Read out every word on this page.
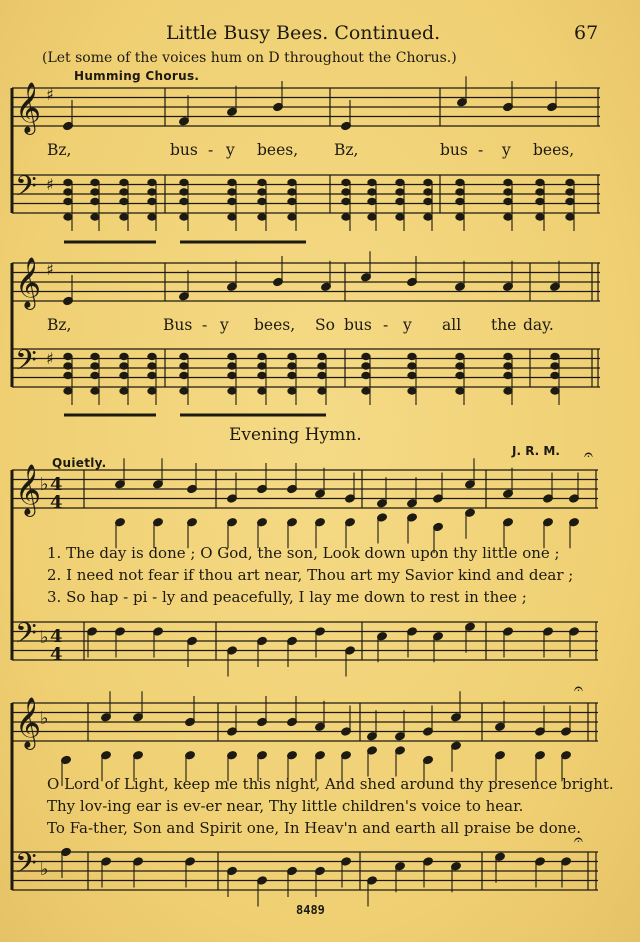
Little Busy Bees. Continued.	67
(Let some of the voices hum on D throughout the Chorus.)
Humming Chorus.
𝄞
𝄢
𝄞
𝄢
𝄞
𝄢
𝄞
𝄢
4
4
4
4
♭
♭
♭
♭
♯
♯
♯
♯
𝄐
𝄐
𝄐
Bz,	bus - y bees, Bz,	bus - y bees,
Bz,	Bus - y bees, So bus - y all the day.
Evening Hymn.
J. R. M.
Quietly.
1. The day is done ; O God, the son, Look down upon thy little one ;
2. I need not fear if thou art near, Thou art my Savior kind and dear ;
3. So hap - pi - ly and peacefully, I lay me down to rest in thee ;
O Lord of Light, keep me this night, And shed around thy presence bright.
Thy lov-ing ear is ev-er near, Thy little children's voice to hear.
To Fa-ther, Son and Spirit one, In Heav'n and earth all praise be done.
8489
